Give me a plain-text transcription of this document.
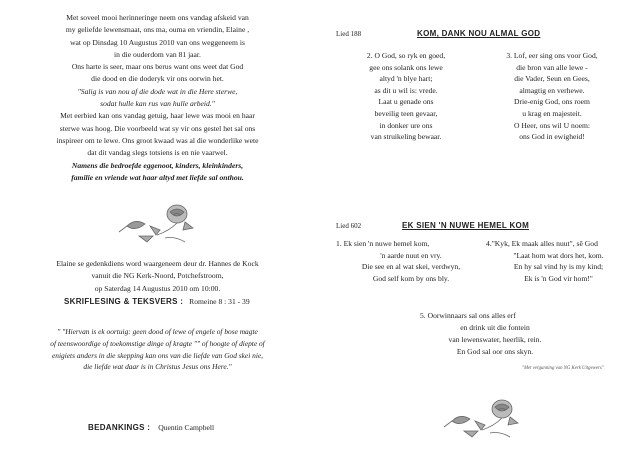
Met soveel mooi herinneringe neem ons vandag afskeid van
my geliefde lewensmaat, ons ma, ouma en vriendin, Elaine ,
wat op Dinsdag 10 Augustus 2010 van ons weggeneem is
in die ouderdom van 81 jaar.
Ons harte is seer, maar ons berus want ons weet dat God
die dood en die doderyk vir ons oorwin het.
"Salig is van nou af die dode wat in die Here sterwe,
sodat hulle kan rus van hulle arbeid."
Met eerbied kan ons vandag getuig, haar lewe was mooi en haar
sterwe was hoog. Die voorbeeld wat sy vir ons gestel het sal ons
inspireer om te lewe. Ons groot kwaad was al die wonderlike wete
dat dit vandag slegs totsiens is en nie vaarwel.
Namens die bedroefde eggenoot, kinders, kleinkinders,
familie en vriende wat haar altyd met liefde sal onthou.
Elaine se gedenkdiens word waargeneem deur dr. Hannes de Kock
vanuit die NG Kerk-Noord, Potchefstroom,
op Saterdag 14 Augustus 2010 om 10:00.
SKRIFLESING & TEKSVERS : Romeine 8 : 31 - 39
" "Hiervan is ek oortuig: geen dood of lewe of engele of bose magte
of teenswoordige of toekomstige dinge of kragte "" of hoogte of diepte of
enigiets anders in die skepping kan ons van die liefde van God skei nie,
die liefde wat daar is in Christus Jesus ons Here."
BEDANKINGS : Quentin Campbell
Lied 188	KOM, DANK NOU ALMAL GOD
2. O God, so ryk en goed,
gee ons solank ons lewe
altyd 'n blye hart;
as dit u wil is: vrede.
Laat u genade ons
beveilig teen gevaar,
in donker ure ons
van struikeling bewaar.
3. Lof, eer sing ons voor God,
die bron van alle lewe -
die Vader, Seun en Gees,
almagtig en verhewe.
Drie-enig God, ons roem
u krag en majesteit.
O Heer, ons wil U noem:
ons God in ewigheid!
Lied 602	EK SIEN 'N NUWE HEMEL KOM
1. Ek sien 'n nuwe hemel kom,
'n aarde nuut en vry.
Die see en al wat skei, verdwyn,
God self kom by ons bly.
4."Kyk, Ek maak alles nuut", sê God
"Laat hom wat dors het, kom.
En hy sal vind hy is my kind;
Ek is 'n God vir hom!"
5. Oorwinnaars sal ons alles erf
en drink uit die fontein
van lewenswater, heerlik, rein.
En God sal oor ons skyn.
"Met vergunning van NG Kerk Uitgewers"
